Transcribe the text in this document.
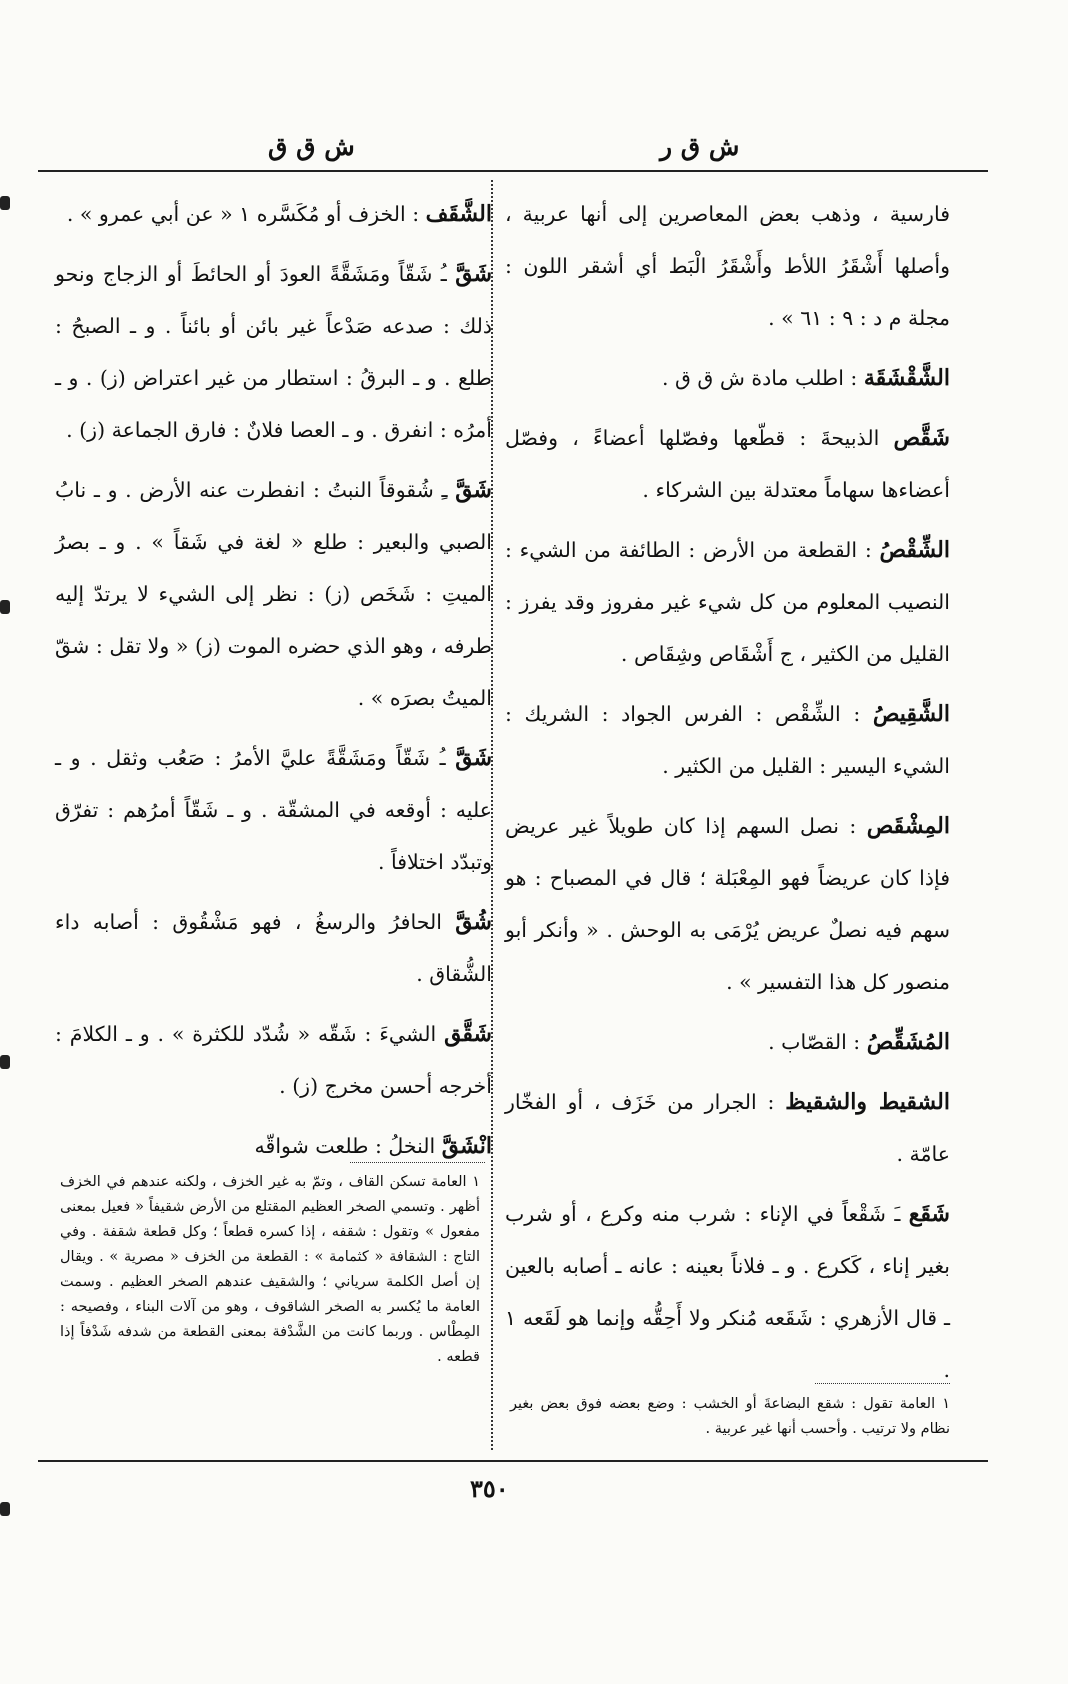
ش ق ر
ش ق ق
فارسية ، وذهب بعض المعاصرين إلى أنها عربية ، وأصلها أَشْقَرُ اللأط وأَشْقَرُ الْبَط أي أشقر اللون : مجلة م د : ٩ : ٦١ » .
الشَّقْشَقَة : اطلب مادة ش ق ق .
شَقَّص الذبيحةَ : قطّعها وفصّلها أعضاءً ، وفصّل أعضاءها سهاماً معتدلة بين الشركاء .
الشِّقْصُ : القطعة من الأرض : الطائفة من الشيء : النصيب المعلوم من كل شيء غير مفروز وقد يفرز : القليل من الكثير ، ج أَشْقَاص وشِقَاص .
الشَّقِيصُ : الشِّقْص : الفرس الجواد : الشريك : الشيء اليسير : القليل من الكثير .
المِشْقَص : نصل السهم إذا كان طويلاً غير عريض فإذا كان عريضاً فهو المِعْبَلة ؛ قال في المصباح : هو سهم فيه نصلٌ عريض يُرْمَى به الوحش . « وأنكر أبو منصور كل هذا التفسير » .
المُشَقِّصُ : القصّاب .
الشقيط والشقيظ : الجرار من خَزَف ، أو الفخّار عامّة .
شَقَع ـَ شَقْعاً في الإناء : شرب منه وكرع ، أو شرب بغير إناء ، كَكرع . و ـ فلاناً بعينه : عانه ـ أصابه بالعين ـ قال الأزهري : شَقَعه مُنكر ولا أَحِقُّه وإنما هو لَقَعه ١ .
الشَّقَف : الخزف أو مُكَسَّره ١ « عن أبي عمرو » .
شَقَّ ـُ شَقّاً ومَشَقَّةً العودَ أو الحائطَ أو الزجاج ونحو ذلك : صدعه صَدْعاً غير بائن أو بائناً . و ـ الصبحُ : طلع . و ـ البرقُ : استطار من غير اعتراض (ز) . و ـ أمرُه : انفرق . و ـ العصا فلانٌ : فارق الجماعة (ز) .
شَقَّ ـِ شُقوقاً النبتُ : انفطرت عنه الأرض . و ـ نابُ الصبي والبعير : طلع « لغة في شَقاً » . و ـ بصرُ الميتِ : شَخَص (ز) : نظر إلى الشيء لا يرتدّ إليه طرفه ، وهو الذي حضره الموت (ز) « ولا تقل : شقّ الميتُ بصرَه » .
شَقَّ ـُ شَقّاً ومَشَقَّةً عليَّ الأمرُ : صَعُب وثقل . و ـ عليه : أوقعه في المشقّة . و ـ شَقّاً أمرُهم : تفرّق وتبدّد اختلافاً .
شُقَّ الحافرُ والرسغُ ، فهو مَشْقُوق : أصابه داء الشُّقاق .
شَقَّق الشيءَ : شَقّه « شُدّد للكثرة » . و ـ الكلامَ : أخرجه أحسن مخرج (ز) .
انْشَقَّ النخلُ : طلعت شواقّه
١ العامة تسكن القاف ، وتمّ به غير الخزف ، ولكنه عندهم في الخزف أظهر . وتسمي الصخر العظيم المقتلع من الأرض شقيفاً « فعيل بمعنى مفعول » وتقول : شقفه ، إذا كسره قطعاً ؛ وكل قطعة شقفة . وفي التاج : الشقافة « كثمامة » : القطعة من الخزف « مصرية » . ويقال إن أصل الكلمة سرياني ؛ والشقيف عندهم الصخر العظيم . وسمت العامة ما يُكسر به الصخر الشاقوف ، وهو من آلات البناء ، وفصيحه : المِطْاس . وربما كانت من الشَّدْفة بمعنى القطعة من شدفه شَدْفاً إذا قطعه .
١ العامة تقول : شقع البضاعةَ أو الخشب : وضع بعضه فوق بعض بغير نظام ولا ترتيب . وأحسب أنها غير عربية .
٣٥٠
